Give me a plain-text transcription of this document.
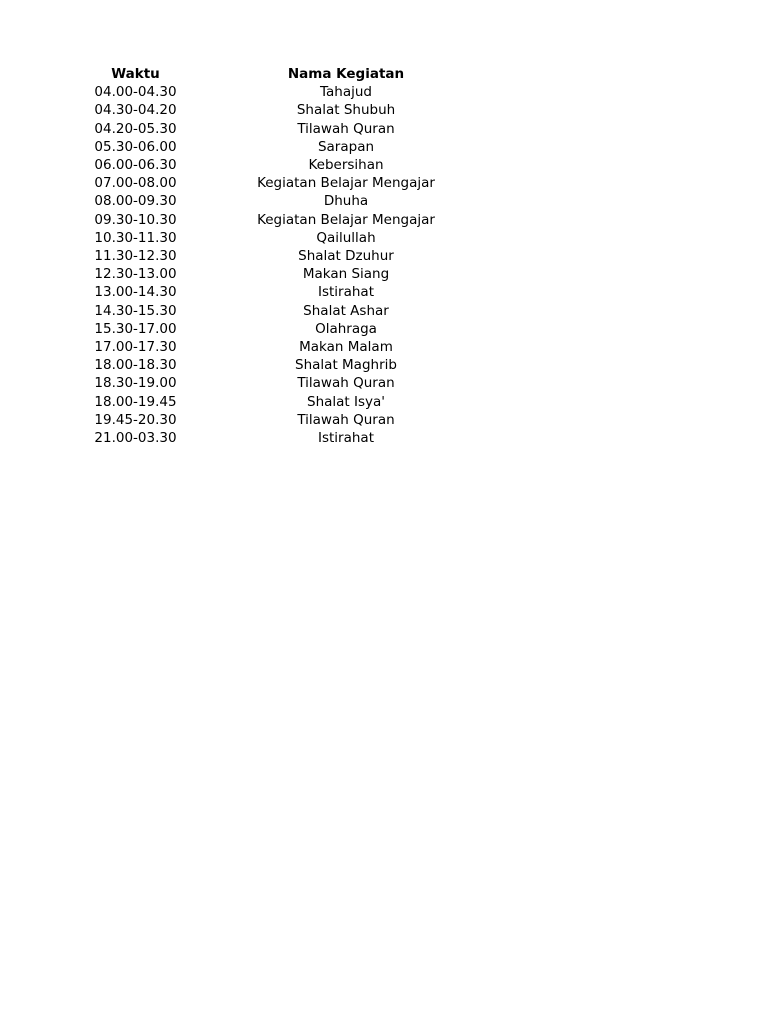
Waktu		Nama Kegiatan
04.00-04.30		Tahajud
04.30-04.20		Shalat Shubuh
04.20-05.30		Tilawah Quran
05.30-06.00		Sarapan
06.00-06.30		Kebersihan
07.00-08.00		Kegiatan Belajar Mengajar
08.00-09.30		Dhuha
09.30-10.30		Kegiatan Belajar Mengajar
10.30-11.30		Qailullah
11.30-12.30		Shalat Dzuhur
12.30-13.00		Makan Siang
13.00-14.30		Istirahat
14.30-15.30		Shalat Ashar
15.30-17.00		Olahraga
17.00-17.30		Makan Malam
18.00-18.30		Shalat Maghrib
18.30-19.00		Tilawah Quran
18.00-19.45		Shalat Isya'
19.45-20.30		Tilawah Quran
21.00-03.30		Istirahat
